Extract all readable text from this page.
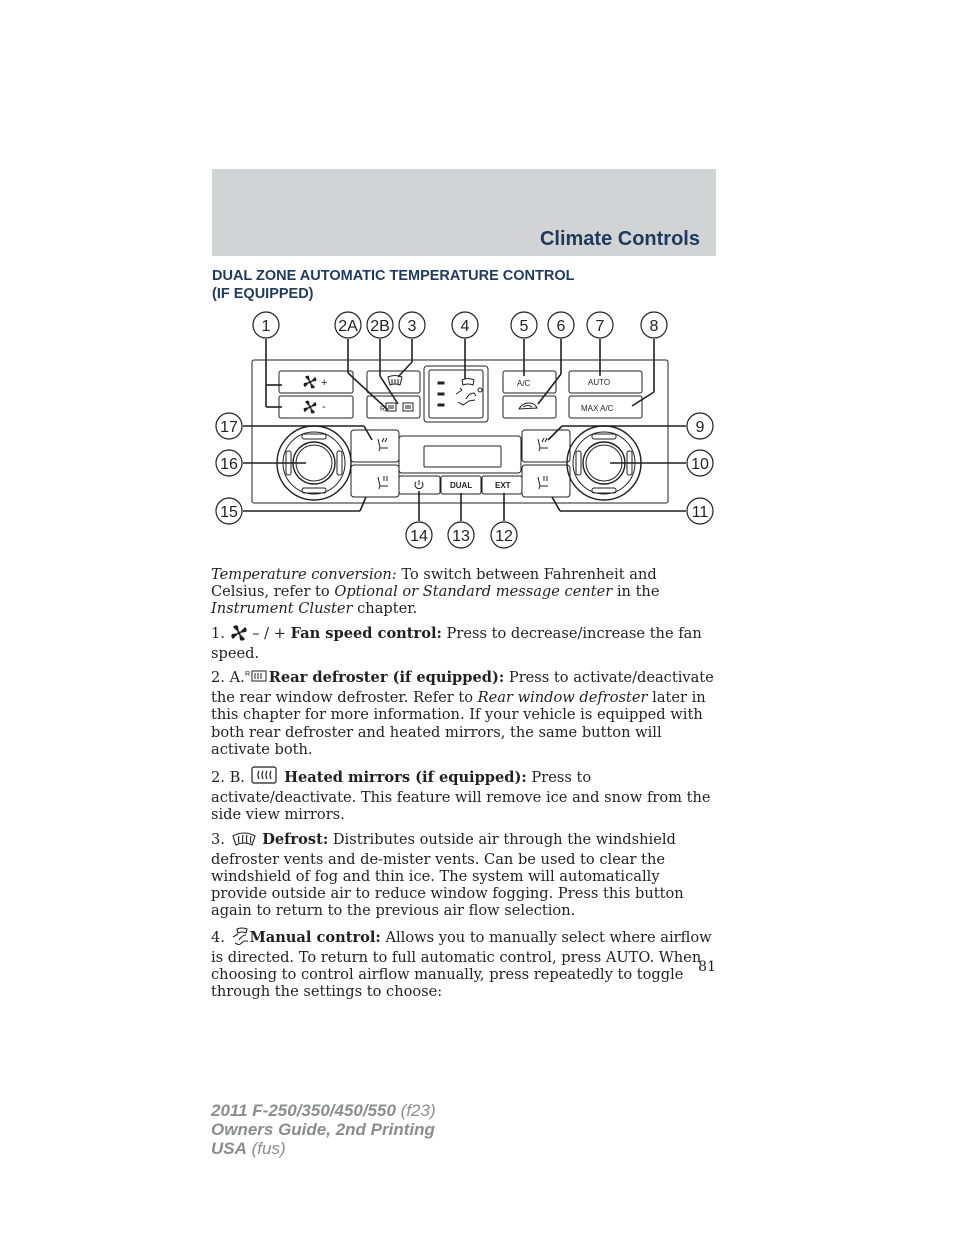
Climate Controls
DUAL ZONE AUTOMATIC TEMPERATURE CONTROL
(IF EQUIPPED)
+
-	R
A/C	AUTO
MAX A/C
DUAL	EXT
1	2A 2B 3	4	5 6 7	8
9
10
11
12
13
14
15
16
17

Temperature conversion: To switch between Fahrenheit and Celsius, refer to Optional or Standard message center in the Instrument Cluster chapter.

1.  – / + Fan speed control: Press to decrease/increase the fan speed.

2. A. R Rear defroster (if equipped): Press to activate/deactivate the rear window defroster. Refer to Rear window defroster later in this chapter for more information. If your vehicle is equipped with both rear defroster and heated mirrors, the same button will activate both.

2. B.  Heated mirrors (if equipped): Press to activate/deactivate. This feature will remove ice and snow from the side view mirrors.

3.  Defrost: Distributes outside air through the windshield defroster vents and de-mister vents. Can be used to clear the windshield of fog and thin ice. The system will automatically provide outside air to reduce window fogging. Press this button again to return to the previous air flow selection.

4. Manual control: Allows you to manually select where airflow is directed. To return to full automatic control, press AUTO. When choosing to control airflow manually, press repeatedly to toggle through the settings to choose:

81
2011 F-250/350/450/550 (f23)
Owners Guide, 2nd Printing
USA (fus)
